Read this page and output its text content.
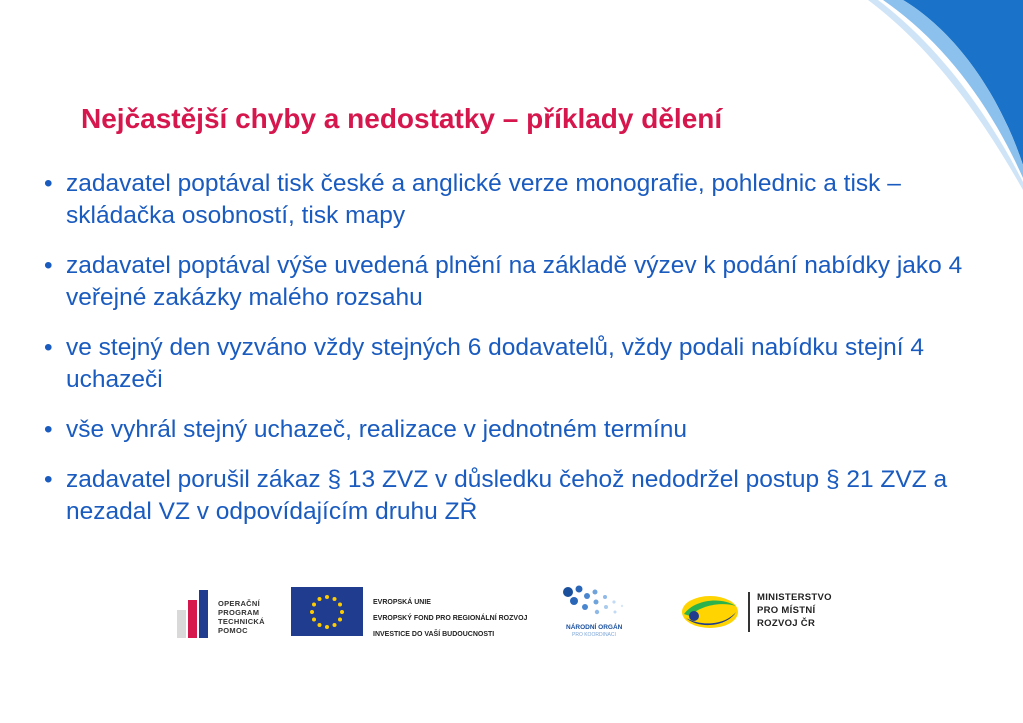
Nejčastější chyby a nedostatky – příklady dělení
• zadavatel poptával tisk české a anglické verze monografie, pohlednic a tisk – skládačka osobností, tisk mapy
• zadavatel poptával výše uvedená plnění na základě výzev k podání nabídky jako 4 veřejné zakázky malého rozsahu
• ve stejný den vyzváno vždy stejných 6 dodavatelů, vždy podali nabídku stejní 4 uchazeči
• vše vyhrál stejný uchazeč, realizace v jednotném termínu
• zadavatel porušil zákaz § 13 ZVZ v důsledku čehož nedodržel postup § 21 ZVZ a nezadal VZ v odpovídajícím druhu ZŘ
OPERAČNÍ
PROGRAM
TECHNICKÁ
POMOC
EVROPSKÁ UNIE
EVROPSKÝ FOND PRO REGIONÁLNÍ ROZVOJ
INVESTICE DO VAŠÍ BUDOUCNOSTI
NÁRODNÍ ORGÁN
PRO KOORDINACI
MINISTERSTVO
PRO MÍSTNÍ
ROZVOJ ČR
